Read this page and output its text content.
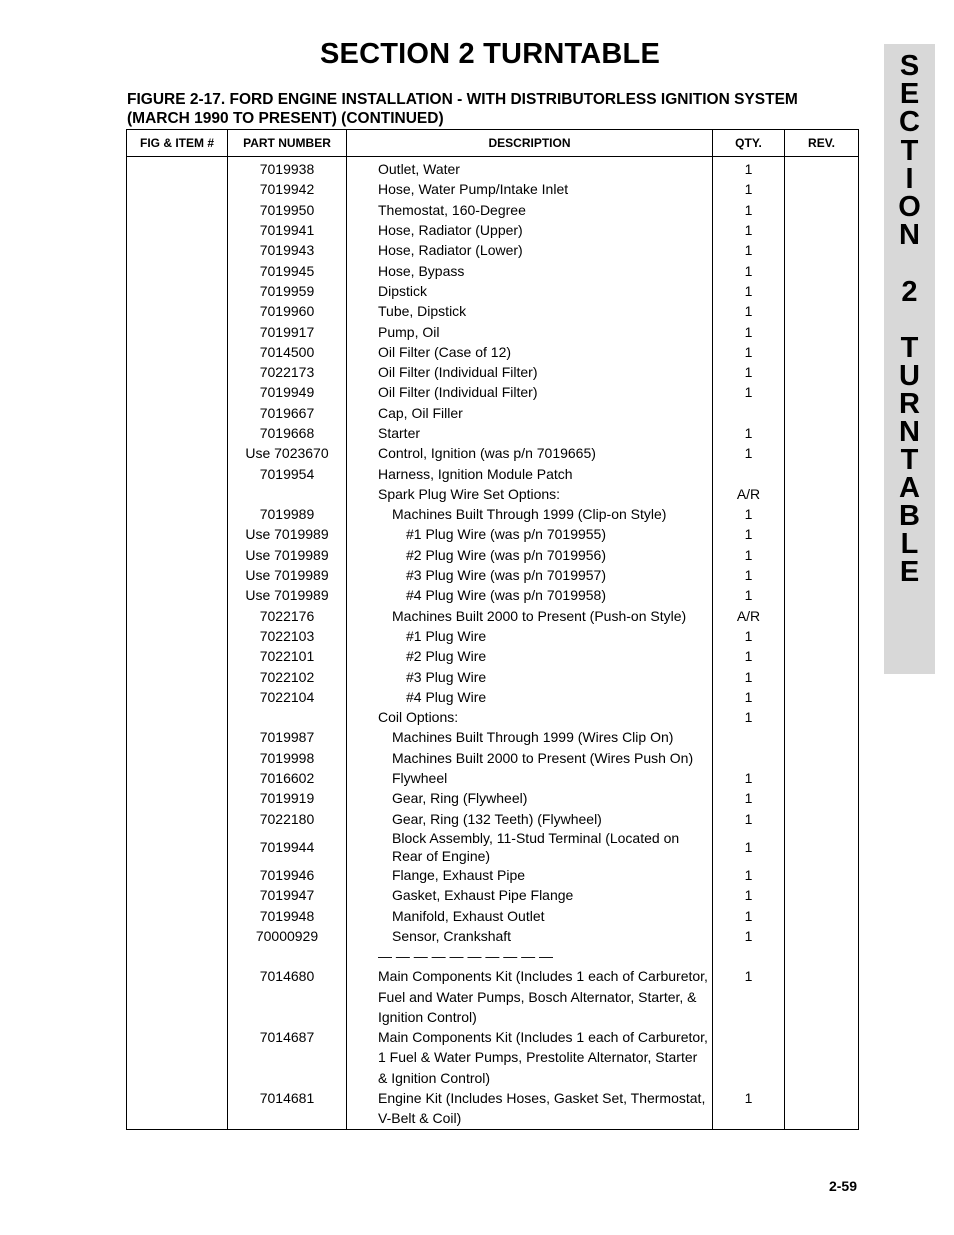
SECTION 2 TURNTABLE
FIGURE 2-17. FORD ENGINE INSTALLATION - WITH DISTRIBUTORLESS IGNITION SYSTEM
(MARCH 1990 TO PRESENT) (CONTINUED)
S
E
C
T
I
O
N
2
T
U
R
N
T
A
B
L
E
FIG & ITEM #	PART NUMBER	DESCRIPTION	QTY.	REV.
	7019938	Outlet, Water	1	
	7019942	Hose, Water Pump/Intake Inlet	1	
	7019950	Themostat, 160-Degree	1	
	7019941	Hose, Radiator (Upper)	1	
	7019943	Hose, Radiator (Lower)	1	
	7019945	Hose, Bypass	1	
	7019959	Dipstick	1	
	7019960	Tube, Dipstick	1	
	7019917	Pump, Oil	1	
	7014500	Oil Filter (Case of 12)	1	
	7022173	Oil Filter (Individual Filter)	1	
	7019949	Oil Filter (Individual Filter)	1	
	7019667	Cap, Oil Filler		

	7019668	Starter	1	
	Use 7023670	Control, Ignition (was p/n 7019665)	1	
	7019954	Harness, Ignition Module Patch		

		Spark Plug Wire Set Options:	A/R	
	7019989	Machines Built Through 1999 (Clip-on Style)	1	
	Use 7019989	#1 Plug Wire (was p/n 7019955)	1	
	Use 7019989	#2 Plug Wire (was p/n 7019956)	1	
	Use 7019989	#3 Plug Wire (was p/n 7019957)	1	
	Use 7019989	#4 Plug Wire (was p/n 7019958)	1	
	7022176	Machines Built 2000 to Present (Push-on Style)	A/R	
	7022103	#1 Plug Wire	1	
	7022101	#2 Plug Wire	1	
	7022102	#3 Plug Wire	1	
	7022104	#4 Plug Wire	1	

		Coil Options:	1	
	7019987	Machines Built Through 1999 (Wires Clip On)		

	7019998	Machines Built 2000 to Present (Wires Push On)		

	7016602	Flywheel	1	
	7019919	Gear, Ring (Flywheel)	1	
	7022180	Gear, Ring (132 Teeth) (Flywheel)	1	
	7019944	Block Assembly, 11-Stud Terminal (Located on
Rear of Engine)	1	
	7019946	Flange, Exhaust Pipe	1	
	7019947	Gasket, Exhaust Pipe Flange	1	
	7019948	Manifold, Exhaust Outlet	1	
	70000929	Sensor, Crankshaft	1	

		— — — — — — — — — —		

	7014680	Main Components Kit (Includes 1 each of Carburetor,
Fuel and Water Pumps, Bosch Alternator, Starter, &
Ignition Control)	1	
	7014687	Main Components Kit (Includes 1 each of Carburetor,
1 Fuel & Water Pumps, Prestolite Alternator, Starter
& Ignition Control)		

	7014681	Engine Kit (Includes Hoses, Gasket Set, Thermostat,
V-Belt & Coil)	1	
2-59
